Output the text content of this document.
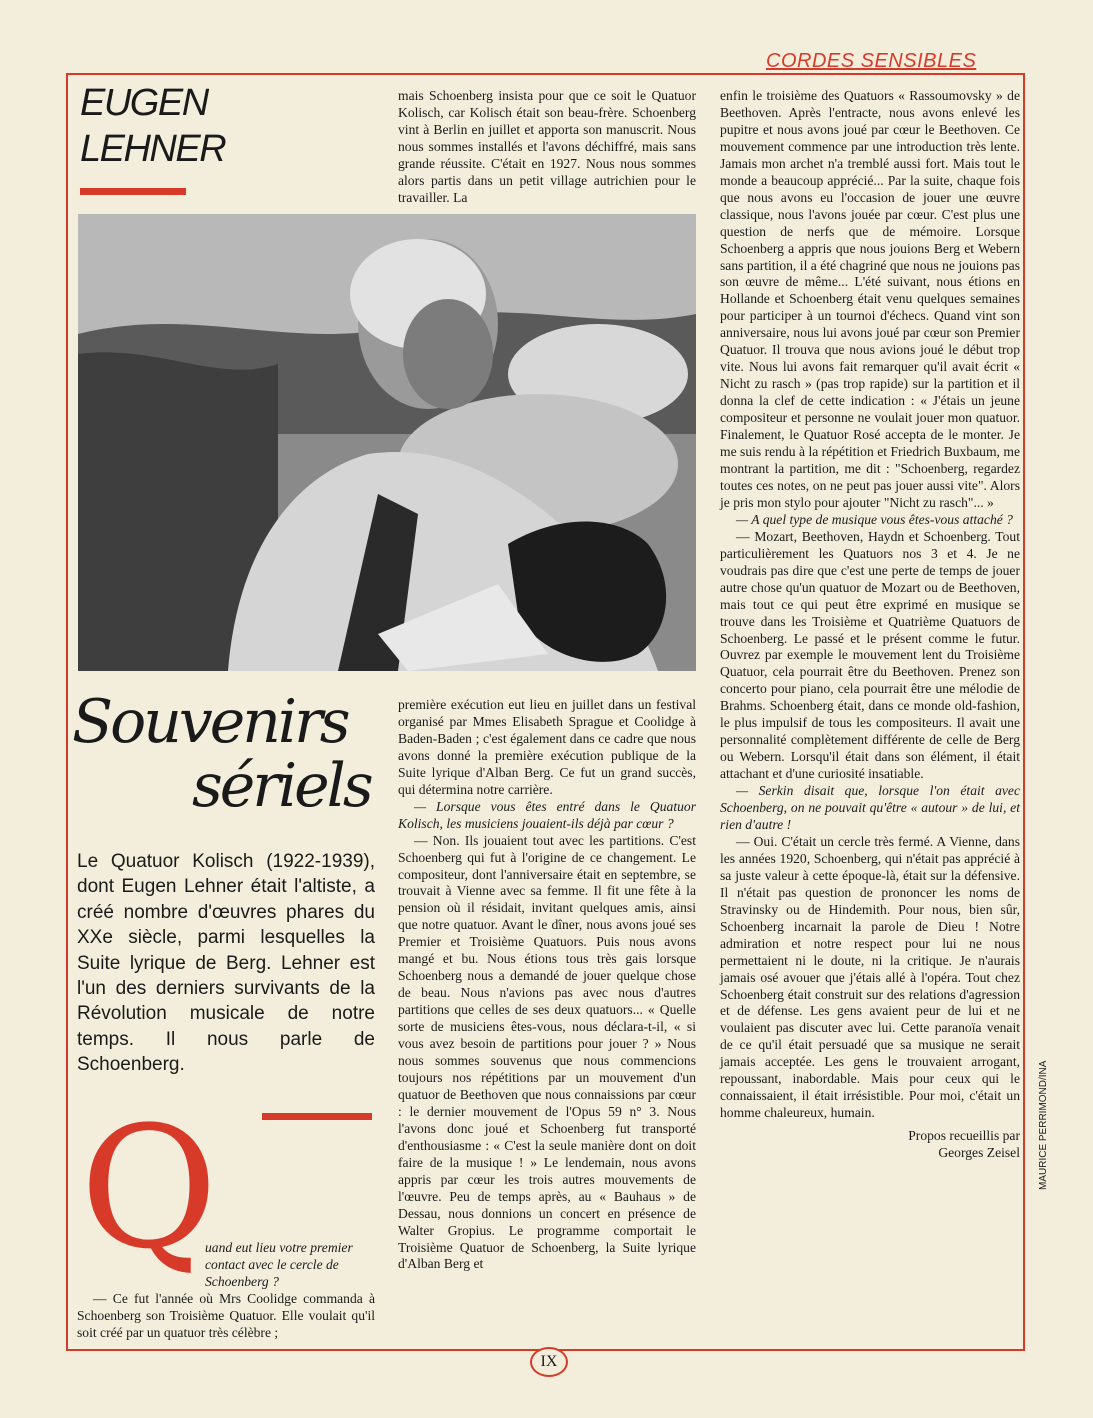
CORDES SENSIBLES
EUGEN
LEHNER

mais Schoenberg insista pour que ce soit le Quatuor Kolisch, car Kolisch était son beau-frère. Schoenberg vint à Berlin en juillet et apporta son manuscrit. Nous nous sommes installés et l'avons déchiffré, mais sans grande réussite. C'était en 1927. Nous nous sommes alors partis dans un petit village autrichien pour le travailler. La

Souvenirs
sériels
Le Quatuor Kolisch (1922-1939), dont Eugen Lehner était l'altiste, a créé nombre d'œuvres phares du XXe siècle, parmi lesquelles la Suite lyrique de Berg. Lehner est l'un des derniers survivants de la Révolution musicale de notre temps. Il nous parle de Schoenberg.
Q

uand eut lieu votre premier contact avec le cercle de Schoenberg ?

— Ce fut l'année où Mrs Coolidge commanda à Schoenberg son Troisième Quatuor. Elle voulait qu'il soit créé par un quatuor très célèbre ;

première exécution eut lieu en juillet dans un festival organisé par Mmes Elisabeth Sprague et Coolidge à Baden-Baden ; c'est également dans ce cadre que nous avons donné la première exécution publique de la Suite lyrique d'Alban Berg. Ce fut un grand succès, qui détermina notre carrière.

— Lorsque vous êtes entré dans le Quatuor Kolisch, les musiciens jouaient-ils déjà par cœur ?

— Non. Ils jouaient tout avec les partitions. C'est Schoenberg qui fut à l'origine de ce changement. Le compositeur, dont l'anniversaire était en septembre, se trouvait à Vienne avec sa femme. Il fit une fête à la pension où il résidait, invitant quelques amis, ainsi que notre quatuor. Avant le dîner, nous avons joué ses Premier et Troisième Quatuors. Puis nous avons mangé et bu. Nous étions tous très gais lorsque Schoenberg nous a demandé de jouer quelque chose de beau. Nous n'avions pas avec nous d'autres partitions que celles de ses deux quatuors... « Quelle sorte de musiciens êtes-vous, nous déclara-t-il, « si vous avez besoin de partitions pour jouer ? » Nous nous sommes souvenus que nous commencions toujours nos répétitions par un mouvement d'un quatuor de Beethoven que nous connaissions par cœur : le dernier mouvement de l'Opus 59 n° 3. Nous l'avons donc joué et Schoenberg fut transporté d'enthousiasme : « C'est la seule manière dont on doit faire de la musique ! » Le lendemain, nous avons appris par cœur les trois autres mouvements de l'œuvre. Peu de temps après, au « Bauhaus » de Dessau, nous donnions un concert en présence de Walter Gropius. Le programme comportait le Troisième Quatuor de Schoenberg, la Suite lyrique d'Alban Berg et

enfin le troisième des Quatuors « Rassoumovsky » de Beethoven. Après l'entracte, nous avons enlevé les pupitre et nous avons joué par cœur le Beethoven. Ce mouvement commence par une introduction très lente. Jamais mon archet n'a tremblé aussi fort. Mais tout le monde a beaucoup apprécié... Par la suite, chaque fois que nous avons eu l'occasion de jouer une œuvre classique, nous l'avons jouée par cœur. C'est plus une question de nerfs que de mémoire. Lorsque Schoenberg a appris que nous jouions Berg et Webern sans partition, il a été chagriné que nous ne jouions pas son œuvre de même... L'été suivant, nous étions en Hollande et Schoenberg était venu quelques semaines pour participer à un tournoi d'échecs. Quand vint son anniversaire, nous lui avons joué par cœur son Premier Quatuor. Il trouva que nous avions joué le début trop vite. Nous lui avons fait remarquer qu'il avait écrit « Nicht zu rasch » (pas trop rapide) sur la partition et il donna la clef de cette indication : « J'étais un jeune compositeur et personne ne voulait jouer mon quatuor. Finalement, le Quatuor Rosé accepta de le monter. Je me suis rendu à la répétition et Friedrich Buxbaum, me montrant la partition, me dit : "Schoenberg, regardez toutes ces notes, on ne peut pas jouer aussi vite". Alors je pris mon stylo pour ajouter "Nicht zu rasch"... »

— A quel type de musique vous êtes-vous attaché ?

— Mozart, Beethoven, Haydn et Schoenberg. Tout particulièrement les Quatuors nos 3 et 4. Je ne voudrais pas dire que c'est une perte de temps de jouer autre chose qu'un quatuor de Mozart ou de Beethoven, mais tout ce qui peut être exprimé en musique se trouve dans les Troisième et Quatrième Quatuors de Schoenberg. Le passé et le présent comme le futur. Ouvrez par exemple le mouvement lent du Troisième Quatuor, cela pourrait être du Beethoven. Prenez son concerto pour piano, cela pourrait être une mélodie de Brahms. Schoenberg était, dans ce monde old-fashion, le plus impulsif de tous les compositeurs. Il avait une personnalité complètement différente de celle de Berg ou Webern. Lorsqu'il était dans son élément, il était attachant et d'une curiosité insatiable.

— Serkin disait que, lorsque l'on était avec Schoenberg, on ne pouvait qu'être « autour » de lui, et rien d'autre !

— Oui. C'était un cercle très fermé. A Vienne, dans les années 1920, Schoenberg, qui n'était pas apprécié à sa juste valeur à cette époque-là, était sur la défensive. Il n'était pas question de prononcer les noms de Stravinsky ou de Hindemith. Pour nous, bien sûr, Schoenberg incarnait la parole de Dieu ! Notre admiration et notre respect pour lui ne nous permettaient ni le doute, ni la critique. Je n'aurais jamais osé avouer que j'étais allé à l'opéra. Tout chez Schoenberg était construit sur des relations d'agression et de défense. Les gens avaient peur de lui et ne voulaient pas discuter avec lui. Cette paranoïa venait de ce qu'il était persuadé que sa musique ne serait jamais acceptée. Les gens le trouvaient arrogant, repoussant, inabordable. Mais pour ceux qui le connaissaient, il était irrésistible. Pour moi, c'était un homme chaleureux, humain.

Propos recueillis par

Georges Zeisel MAURICE PERRIMOND/INA
IX
